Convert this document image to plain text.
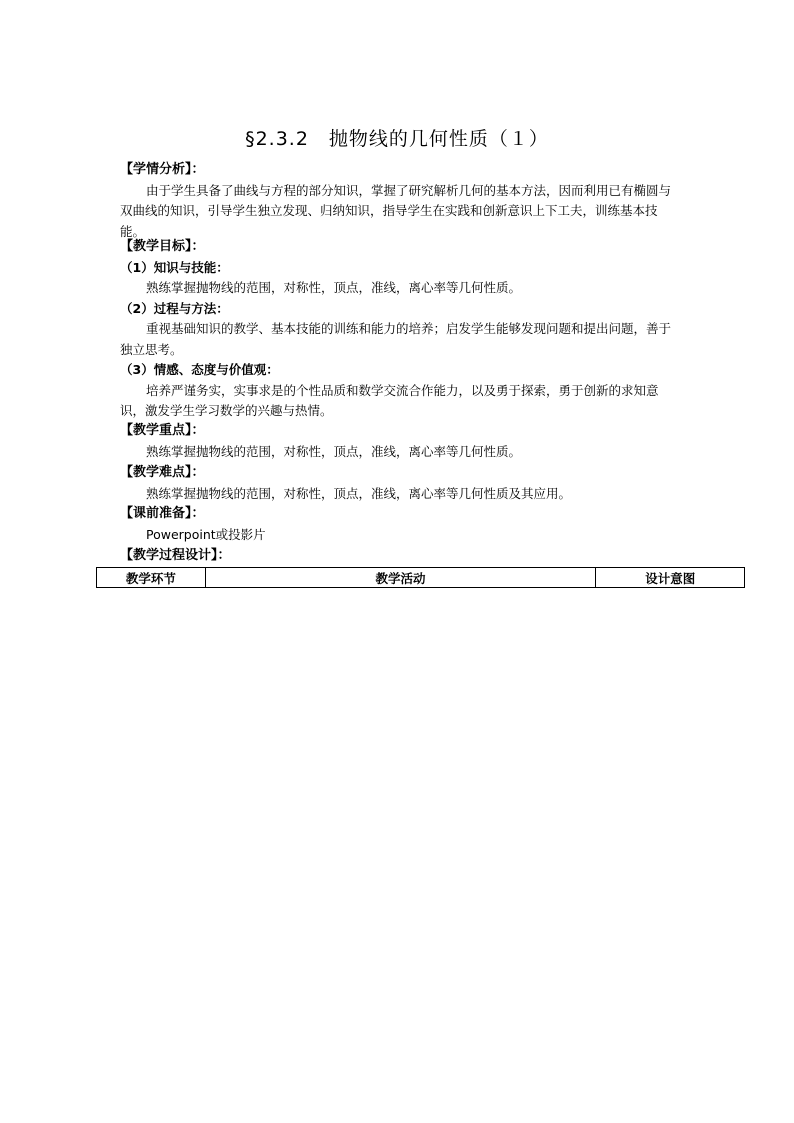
§2.3.2　抛物线的几何性质（１）
【学情分析】：
由于学生具备了曲线与方程的部分知识，掌握了研究解析几何的基本方法，因而利用已有椭圆与双曲线的知识，引导学生独立发现、归纳知识，指导学生在实践和创新意识上下工夫，训练基本技能。
【教学目标】：
（1）知识与技能：
熟练掌握抛物线的范围，对称性，顶点，准线，离心率等几何性质。
（2）过程与方法：
重视基础知识的教学、基本技能的训练和能力的培养；启发学生能够发现问题和提出问题，善于独立思考。
（3）情感、态度与价值观：
培养严谨务实，实事求是的个性品质和数学交流合作能力，以及勇于探索，勇于创新的求知意识，激发学生学习数学的兴趣与热情。
【教学重点】：
熟练掌握抛物线的范围，对称性，顶点，准线，离心率等几何性质。
【教学难点】：
熟练掌握抛物线的范围，对称性，顶点，准线，离心率等几何性质及其应用。
【课前准备】：
Powerpoint或投影片
【教学过程设计】：
教学环节	教学活动	设计意图
